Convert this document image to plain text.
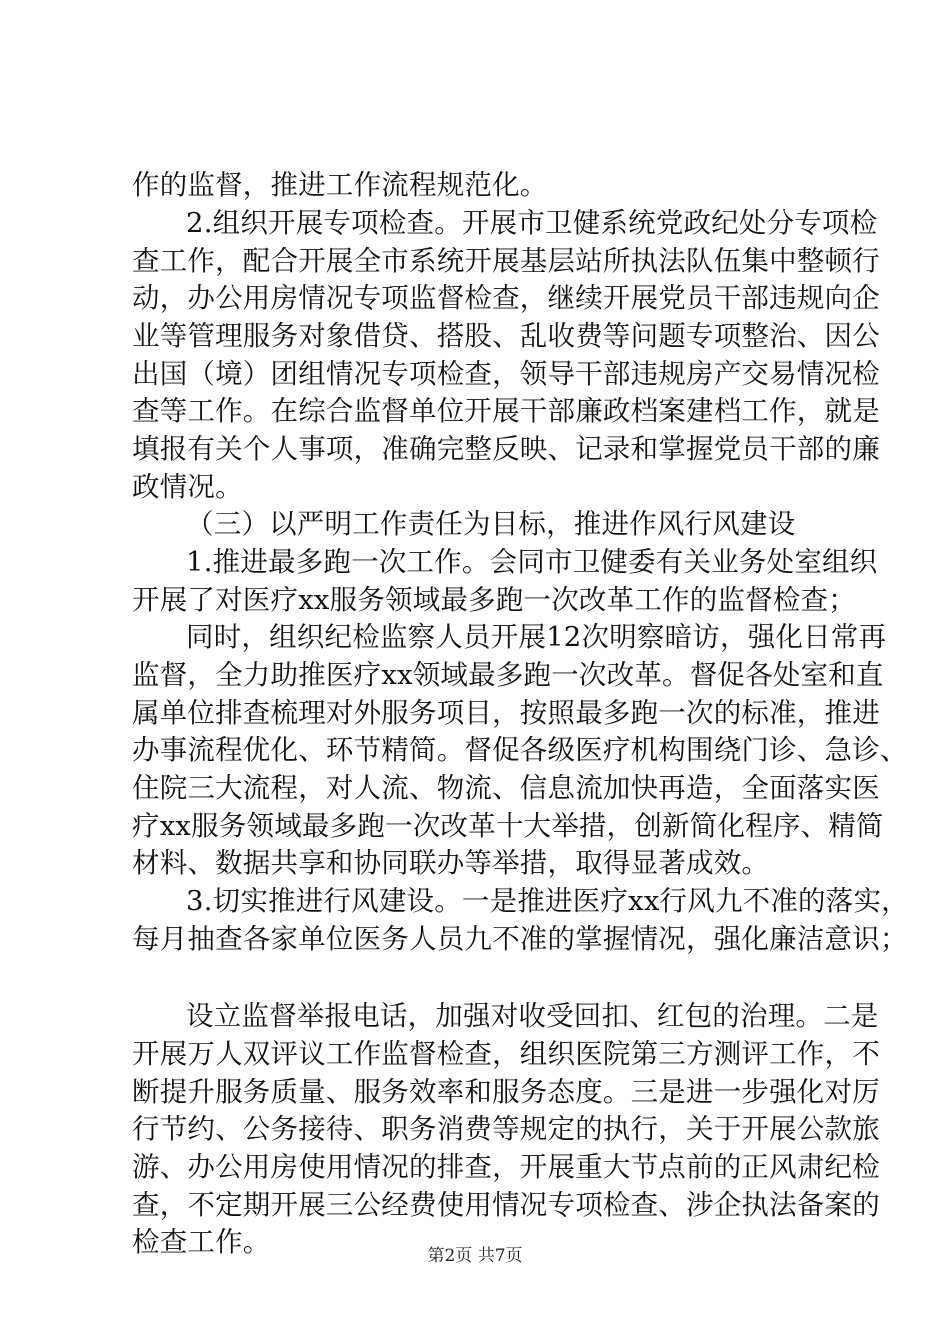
作的监督，推进工作流程规范化。
2.组织开展专项检查。开展市卫健系统党政纪处分专项检
查工作，配合开展全市系统开展基层站所执法队伍集中整顿行
动，办公用房情况专项监督检查，继续开展党员干部违规向企
业等管理服务对象借贷、搭股、乱收费等问题专项整治、因公
出国（境）团组情况专项检查，领导干部违规房产交易情况检
查等工作。在综合监督单位开展干部廉政档案建档工作，就是
填报有关个人事项，准确完整反映、记录和掌握党员干部的廉
政情况。
（三）以严明工作责任为目标，推进作风行风建设
1.推进最多跑一次工作。会同市卫健委有关业务处室组织
开展了对医疗xx服务领域最多跑一次改革工作的监督检查；
同时，组织纪检监察人员开展12次明察暗访，强化日常再
监督，全力助推医疗xx领域最多跑一次改革。督促各处室和直
属单位排查梳理对外服务项目，按照最多跑一次的标准，推进
办事流程优化、环节精简。督促各级医疗机构围绕门诊、急诊、
住院三大流程，对人流、物流、信息流加快再造，全面落实医
疗xx服务领域最多跑一次改革十大举措，创新简化程序、精简
材料、数据共享和协同联办等举措，取得显著成效。
3.切实推进行风建设。一是推进医疗xx行风九不准的落实，
每月抽查各家单位医务人员九不准的掌握情况，强化廉洁意识；
设立监督举报电话，加强对收受回扣、红包的治理。二是
开展万人双评议工作监督检查，组织医院第三方测评工作，不
断提升服务质量、服务效率和服务态度。三是进一步强化对厉
行节约、公务接待、职务消费等规定的执行，关于开展公款旅
游、办公用房使用情况的排查，开展重大节点前的正风肃纪检
查，不定期开展三公经费使用情况专项检查、涉企执法备案的
检查工作。	第2页 共7页
